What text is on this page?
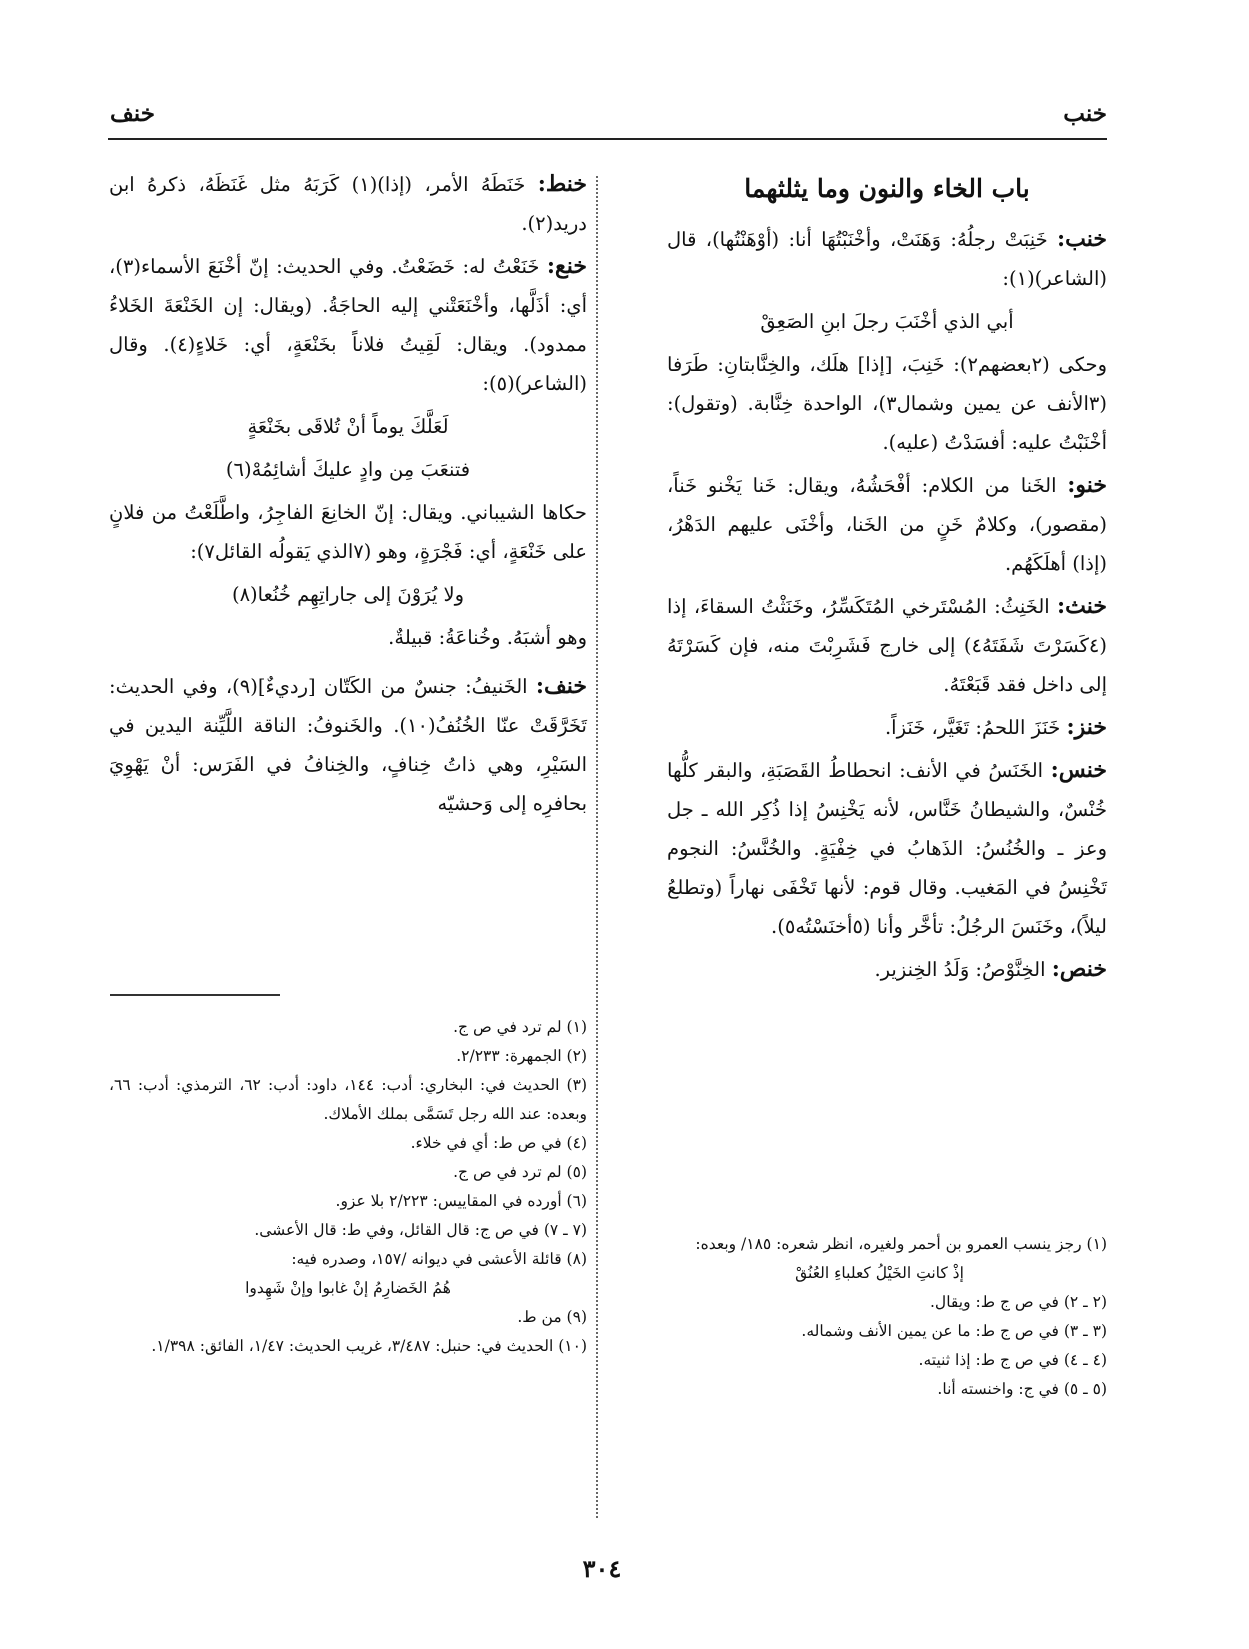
خنب
خنف

باب الخاء والنون وما يثلثهما

خنب: خَنِبَتْ رجلُهُ: وَهَنَتْ، وأخْنَبْتُهَا أنا: (أوْهَنْتُها)، قال (الشاعر)(١):

أبي الذي أخْنَبَ رجلَ ابنِ الصَعِقْ

وحكى (٢بعضهم٢): خَنِبَ، [إذا] هلَك، والخِنَّابتانِ: طَرَفا (٣الأنف عن يمين وشمال٣)، الواحدة خِنَّابة. (وتقول): أخْنَبْتُ عليه: أفسَدْتُ (عليه).

خنو: الخَنا من الكلام: أفْحَشُهُ، ويقال: خَنا يَخْنو خَناً، (مقصور)، وكلامٌ خَنٍ من الخَنا، وأخْنَى عليهم الدَهْرُ، (إذا) أهلَكَهُم.

خنث: الخَنِثُ: المُسْتَرخي المُتَكَسِّرُ، وخَنَثْتُ السقاءَ، إذا (٤كَسَرْتَ شَفَتَهُ٤) إلى خارج فَشَرِبْتَ منه، فإن كَسَرْتَهُ إلى داخل فقد قَبَعْتَهُ.

خنز: خَنَزَ اللحمُ: تَغَيَّر، خَنَزاً.

خنس: الخَنَسُ في الأنف: انحطاطُ القَصَبَةِ، والبقر كلُّها خُنْسٌ، والشيطانُ خَنَّاس، لأنه يَخْنِسُ إذا ذُكِر الله ـ جل وعز ـ والخُنُسُ: الذَهابُ في خِفْيَةٍ. والخُنَّسُ: النجوم تَخْنِسُ في المَغيب. وقال قوم: لأنها تَخْفَى نهاراً (وتطلعُ ليلاً)، وخَنَسَ الرجُلُ: تأخَّر وأنا (٥أخنَسْتُه٥).

خنص: الخِنَّوْصُ: وَلَدُ الخِنزير.

خنط: خَنَطَهُ الأمر، (إذا)(١) كَرَبَهُ مثل غَنَظَهُ، ذكرهُ ابن دريد(٢).

خنع: خَنَعْتُ له: خَضَعْتُ. وفي الحديث: إنّ أخْنَعَ الأسماء(٣)، أي: أذَلَّها، وأخْنَعَتْني إليه الحاجَةُ. (ويقال: إن الخَنْعَةَ الخَلاءُ ممدود). ويقال: لَقِيتُ فلاناً بخَنْعَةٍ، أي: خَلاءٍ(٤). وقال (الشاعر)(٥):

لَعَلَّكَ يوماً أنْ تُلاقَى بخَنْعَةٍ

فتنعَبَ مِن وادٍ عليكَ أشائِمُهْ(٦)

حكاها الشيباني. ويقال: إنّ الخانِعَ الفاجِرُ، واطَّلَعْتُ من فلانٍ على خَنْعَةٍ، أي: فَجْرَةٍ، وهو (٧الذي يَقولُه القائل٧):

ولا يُرَوْنَ إلى جاراتِهِم خُنُعا(٨)

وهو أشبَهُ. وخُناعَةُ: قبيلةٌ.

خنف: الخَنيفُ: جنسٌ من الكَتّان [رديءٌ](٩)، وفي الحديث: تَخَرَّقَتْ عنّا الخُنُفُ(١٠). والخَنوفُ: الناقة اللَّيِّنة اليدين في السَيْرِ، وهي ذاتُ خِنافٍ، والخِنافُ في الفَرَس: أنْ يَهْوِيَ بحافرِه إلى وَحشيّه

(١) لم ترد في ص ج.

(٢) الجمهرة: ٢/٢٣٣.

(٣) الحديث في: البخاري: أدب: ١٤٤، داود: أدب: ٦٢، الترمذي: أدب: ٦٦، وبعده: عند الله رجل تَسَمَّى بملك الأملاك.

(٤) في ص ط: أي في خلاء.

(٥) لم ترد في ص ج.

(٦) أورده في المقاييس: ٢/٢٢٣ بلا عزو.

(٧ ـ ٧) في ص ج: قال القائل، وفي ط: قال الأعشى.

(٨) قائلة الأعشى في ديوانه /١٥٧، وصدره فيه:

هُمُ الخَضارِمُ إنْ غابوا وإنْ شَهِدوا

(٩) من ط.

(١٠) الحديث في: حنبل: ٣/٤٨٧، غريب الحديث: ١/٤٧، الفائق: ١/٣٩٨.

(١) رجز ينسب العمرو بن أحمر ولغيره، انظر شعره: ١٨٥/ وبعده:

إذْ كانتِ الخَيْلُ كعلباءِ العُنُقْ

(٢ ـ ٢) في ص ج ط: ويقال.

(٣ ـ ٣) في ص ج ط: ما عن يمين الأنف وشماله.

(٤ ـ ٤) في ص ج ط: إذا ثنيته.

(٥ ـ ٥) في ج: واخنسته أنا.

٣٠٤
